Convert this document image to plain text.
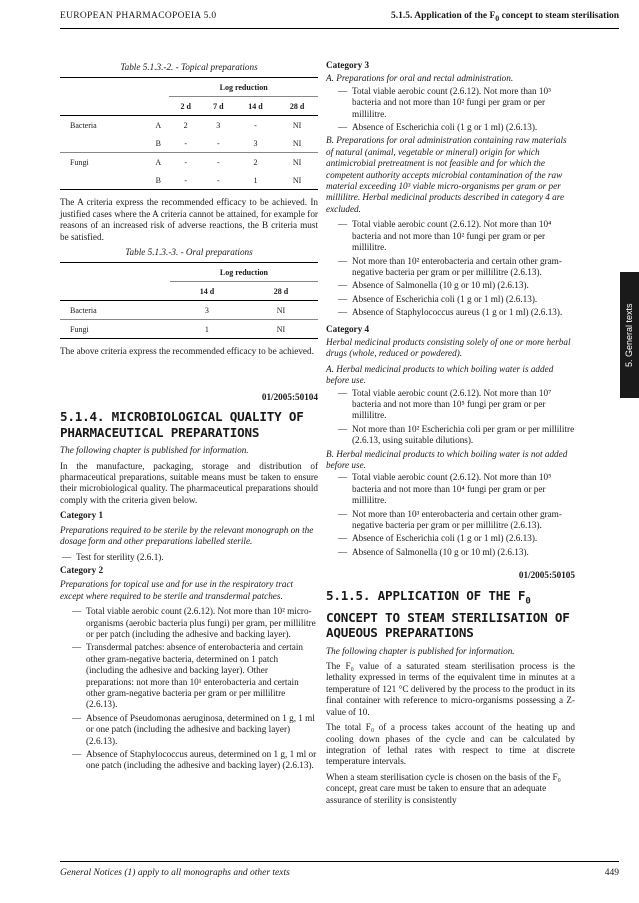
EUROPEAN PHARMACOPOEIA 5.0	5.1.5. Application of the $F_0$ concept to steam sterilisation

Table 5.1.3.-2. - Topical preparations

		Log reduction			
		2 d	7 d	14 d	28 d
Bacteria	A	2	3	-	NI
	B	-	-	3	NI
Fungi	A	-	-	2	NI
	B	-	-	1	NI

The A criteria express the recommended efficacy to be achieved. In justified cases where the A criteria cannot be attained, for example for reasons of an increased risk of adverse reactions, the B criteria must be satisfied.

Table 5.1.3.-3. - Oral preparations

	Log reduction	
	14 d	28 d
Bacteria	3	NI
Fungi	1	NI

The above criteria express the recommended efficacy to be achieved.

01/2005:50104
5.1.4. MICROBIOLOGICAL QUALITY OF PHARMACEUTICAL PREPARATIONS

The following chapter is published for information.

In the manufacture, packaging, storage and distribution of pharmaceutical preparations, suitable means must be taken to ensure their microbiological quality. The pharmaceutical preparations should comply with the criteria given below.

Category 1

Preparations required to be sterile by the relevant monograph on the dosage form and other preparations labelled sterile.

— Test for sterility (2.6.1).

Category 2

Preparations for topical use and for use in the respiratory tract except where required to be sterile and transdermal patches.

— Total viable aerobic count (2.6.12). Not more than 10² micro-organisms (aerobic bacteria plus fungi) per gram, per millilitre or per patch (including the adhesive and backing layer).
— Transdermal patches: absence of enterobacteria and certain other gram-negative bacteria, determined on 1 patch (including the adhesive and backing layer). Other preparations: not more than 10¹ enterobacteria and certain other gram-negative bacteria per gram or per millilitre (2.6.13).
— Absence of Pseudomonas aeruginosa, determined on 1 g, 1 ml or one patch (including the adhesive and backing layer) (2.6.13).
— Absence of Staphylococcus aureus, determined on 1 g, 1 ml or one patch (including the adhesive and backing layer) (2.6.13).

Category 3

A. Preparations for oral and rectal administration.

— Total viable aerobic count (2.6.12). Not more than 10³ bacteria and not more than 10² fungi per gram or per millilitre.
— Absence of Escherichia coli (1 g or 1 ml) (2.6.13).

B. Preparations for oral administration containing raw materials of natural (animal, vegetable or mineral) origin for which antimicrobial pretreatment is not feasible and for which the competent authority accepts microbial contamination of the raw material exceeding 10³ viable micro-organisms per gram or per millilitre. Herbal medicinal products described in category 4 are excluded.

— Total viable aerobic count (2.6.12). Not more than 10⁴ bacteria and not more than 10² fungi per gram or per millilitre.
— Not more than 10² enterobacteria and certain other gram-negative bacteria per gram or per millilitre (2.6.13).
— Absence of Salmonella (10 g or 10 ml) (2.6.13).
— Absence of Escherichia coli (1 g or 1 ml) (2.6.13).
— Absence of Staphylococcus aureus (1 g or 1 ml) (2.6.13).

Category 4

Herbal medicinal products consisting solely of one or more herbal drugs (whole, reduced or powdered).

A. Herbal medicinal products to which boiling water is added before use.

— Total viable aerobic count (2.6.12). Not more than 10⁷ bacteria and not more than 10⁵ fungi per gram or per millilitre.
— Not more than 10² Escherichia coli per gram or per millilitre (2.6.13, using suitable dilutions).

B. Herbal medicinal products to which boiling water is not added before use.

— Total viable aerobic count (2.6.12). Not more than 10⁵ bacteria and not more than 10⁴ fungi per gram or per millilitre.
— Not more than 10³ enterobacteria and certain other gram-negative bacteria per gram or per millilitre (2.6.13).
— Absence of Escherichia coli (1 g or 1 ml) (2.6.13).
— Absence of Salmonella (10 g or 10 ml) (2.6.13).
01/2005:50105
5.1.5. APPLICATION OF THE $F_0$ CONCEPT TO STEAM STERILISATION OF AQUEOUS PREPARATIONS

The following chapter is published for information.

The F₀ value of a saturated steam sterilisation process is the lethality expressed in terms of the equivalent time in minutes at a temperature of 121 °C delivered by the process to the product in its final container with reference to micro-organisms possessing a Z-value of 10.

The total F₀ of a process takes account of the heating up and cooling down phases of the cycle and can be calculated by integration of lethal rates with respect to time at discrete temperature intervals.

When a steam sterilisation cycle is chosen on the basis of the F₀ concept, great care must be taken to ensure that an adequate assurance of sterility is consistently

5. General texts
General Notices (1) apply to all monographs and other texts	449
